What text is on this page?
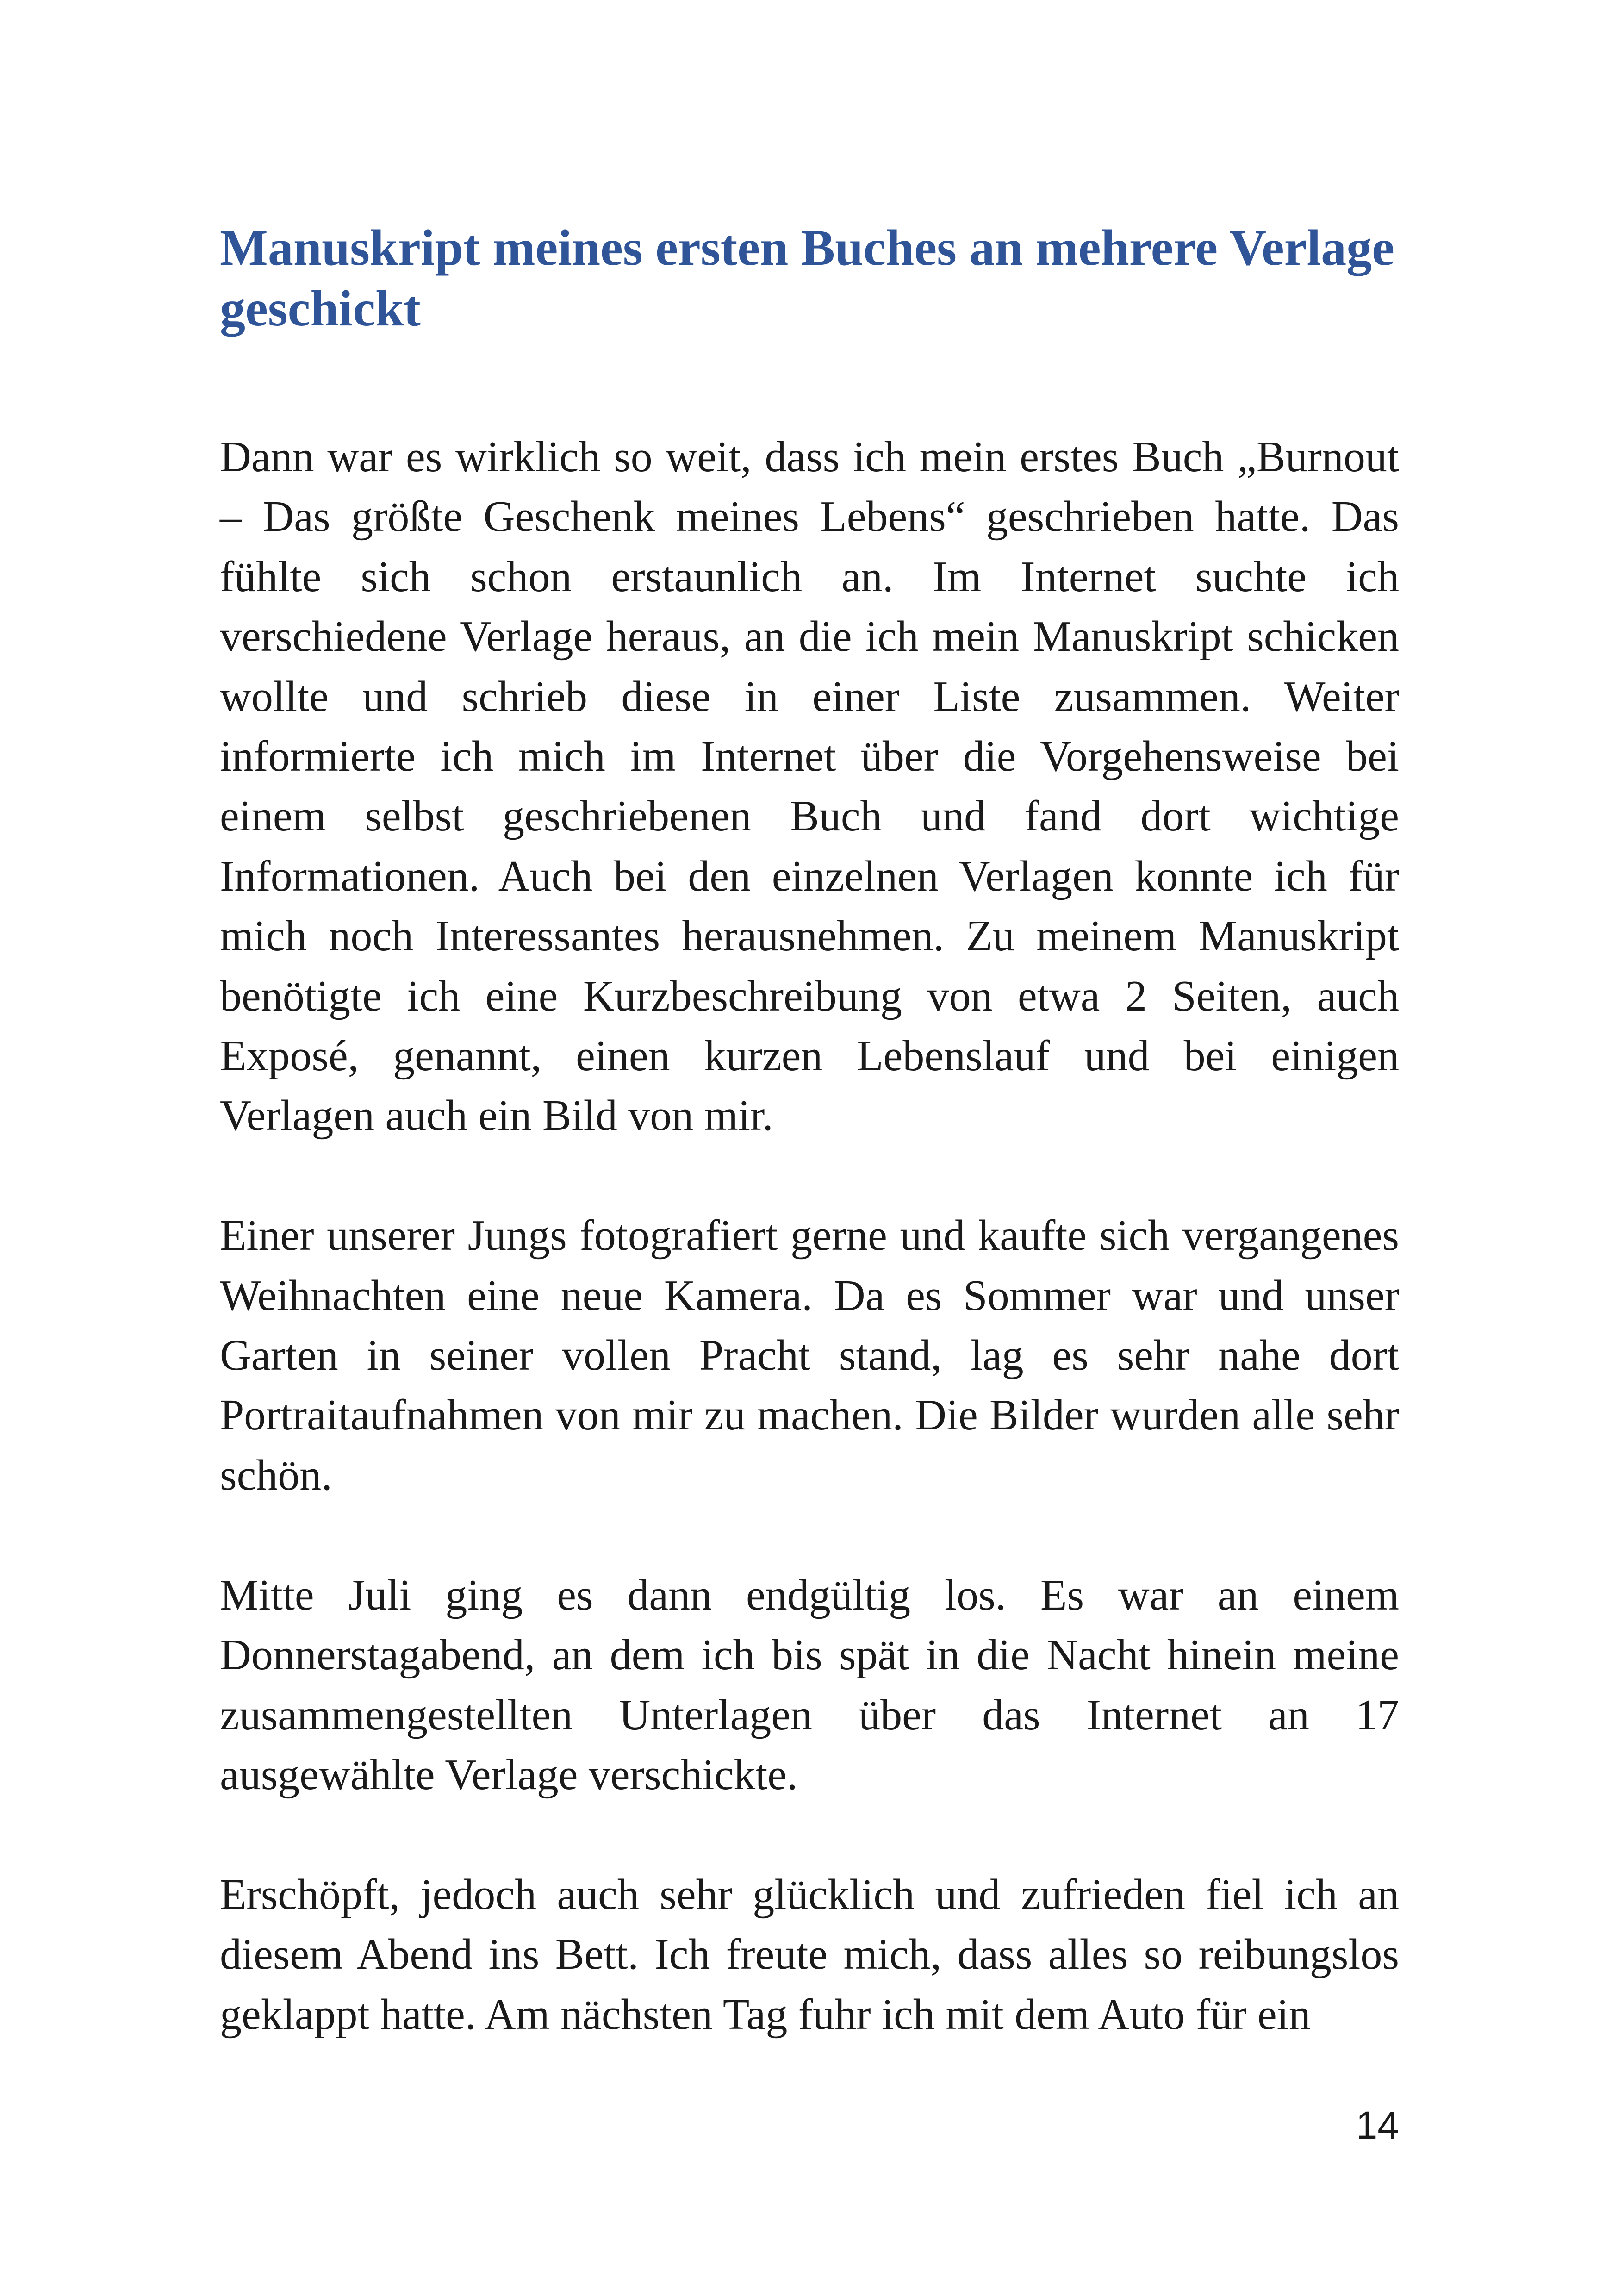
Manuskript meines ersten Buches an mehrere Verlage geschickt

Dann war es wirklich so weit, dass ich mein erstes Buch „Burnout – Das größte Geschenk meines Lebens“ geschrieben hatte. Das fühlte sich schon erstaunlich an. Im Internet suchte ich verschiedene Verlage heraus, an die ich mein Manuskript schicken wollte und schrieb diese in einer Liste zusammen. Weiter informierte ich mich im Internet über die Vorgehensweise bei einem selbst geschriebenen Buch und fand dort wichtige Informationen. Auch bei den einzelnen Verlagen konnte ich für mich noch Interessantes herausnehmen. Zu meinem Manuskript benötigte ich eine Kurzbeschreibung von etwa 2 Seiten, auch Exposé, genannt, einen kurzen Lebenslauf und bei einigen Verlagen auch ein Bild von mir.

Einer unserer Jungs fotografiert gerne und kaufte sich vergangenes Weihnachten eine neue Kamera. Da es Sommer war und unser Garten in seiner vollen Pracht stand, lag es sehr nahe dort Portraitaufnahmen von mir zu machen. Die Bilder wurden alle sehr schön.

Mitte Juli ging es dann endgültig los. Es war an einem Donnerstagabend, an dem ich bis spät in die Nacht hinein meine zusammengestellten Unterlagen über das Internet an 17 ausgewählte Verlage verschickte.

Erschöpft, jedoch auch sehr glücklich und zufrieden fiel ich an diesem Abend ins Bett. Ich freute mich, dass alles so reibungslos geklappt hatte. Am nächsten Tag fuhr ich mit dem Auto für ein

14
